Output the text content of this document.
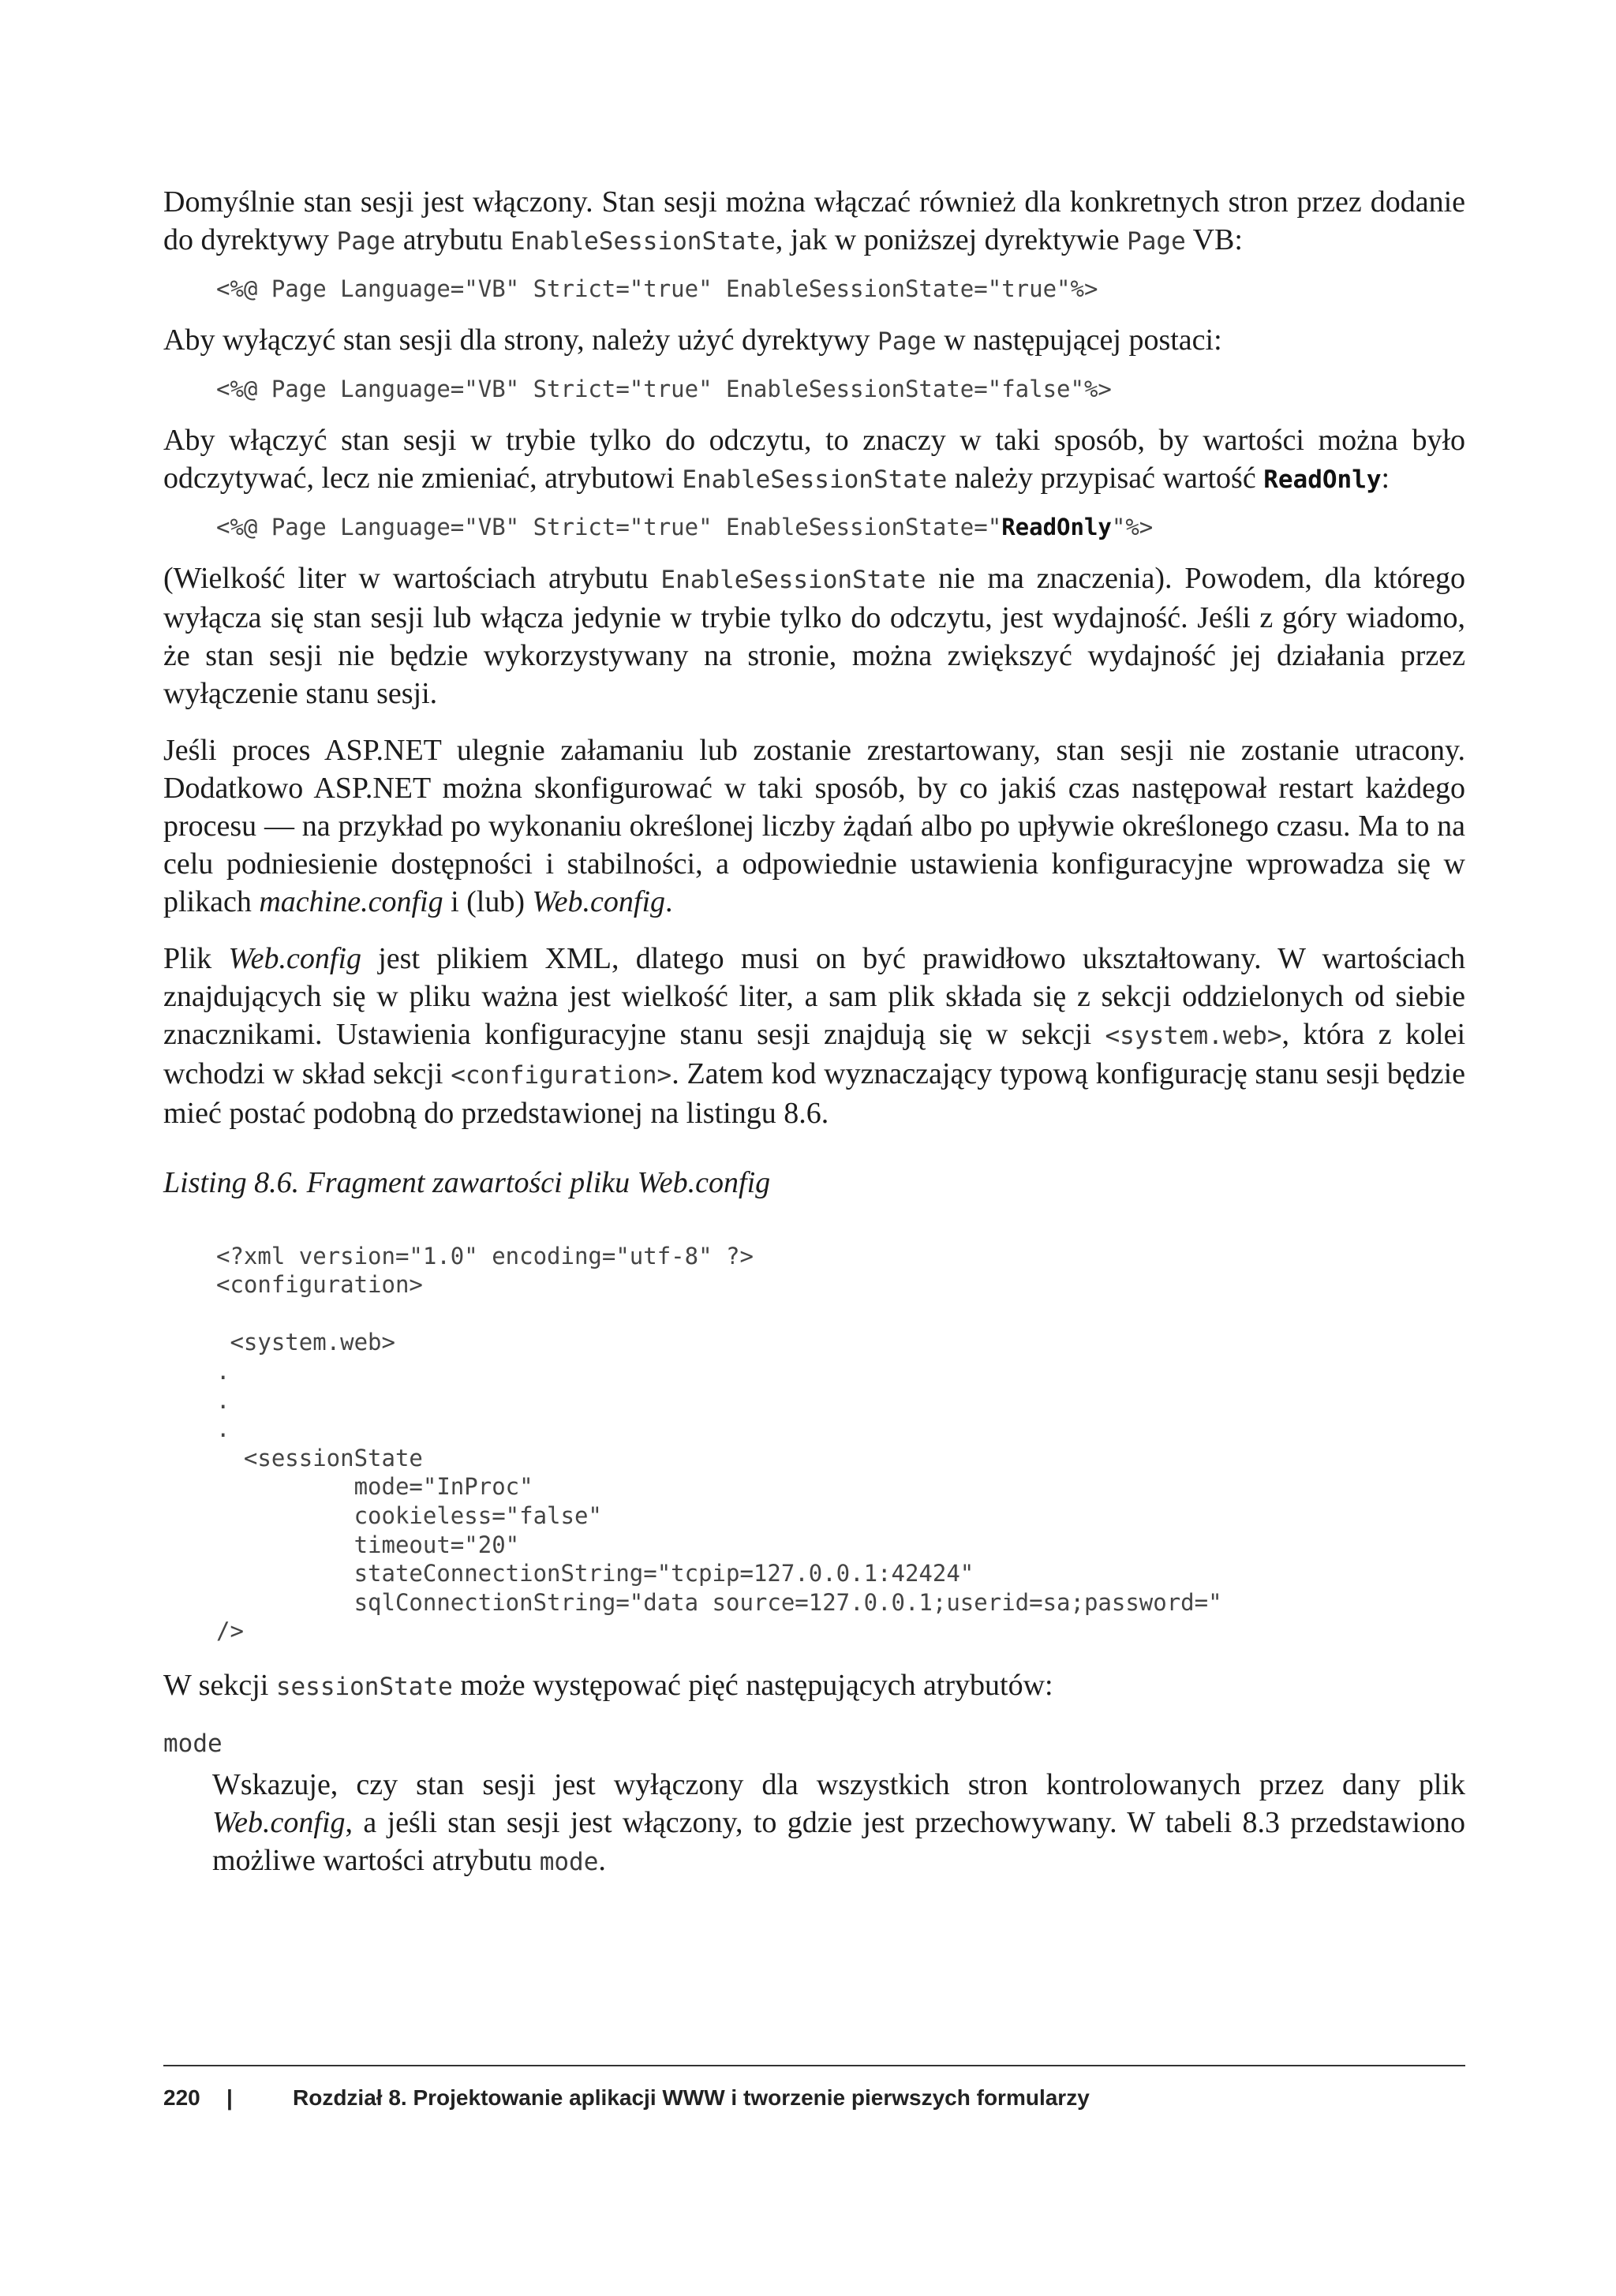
Domyślnie stan sesji jest włączony. Stan sesji można włączać również dla konkretnych stron przez dodanie do dyrektywy Page atrybutu EnableSessionState, jak w poniższej dyrektywie Page VB:

<%@ Page Language="VB" Strict="true" EnableSessionState="true"%>

Aby wyłączyć stan sesji dla strony, należy użyć dyrektywy Page w następującej postaci:

<%@ Page Language="VB" Strict="true" EnableSessionState="false"%>

Aby włączyć stan sesji w trybie tylko do odczytu, to znaczy w taki sposób, by wartości można było odczytywać, lecz nie zmieniać, atrybutowi EnableSessionState należy przypisać wartość ReadOnly:

<%@ Page Language="VB" Strict="true" EnableSessionState="ReadOnly"%>

(Wielkość liter w wartościach atrybutu EnableSessionState nie ma znaczenia). Powodem, dla którego wyłącza się stan sesji lub włącza jedynie w trybie tylko do odczytu, jest wydajność. Jeśli z góry wiadomo, że stan sesji nie będzie wykorzystywany na stronie, można zwiększyć wydajność jej działania przez wyłączenie stanu sesji.

Jeśli proces ASP.NET ulegnie załamaniu lub zostanie zrestartowany, stan sesji nie zostanie utracony. Dodatkowo ASP.NET można skonfigurować w taki sposób, by co jakiś czas następował restart każdego procesu — na przykład po wykonaniu określonej liczby żądań albo po upływie określonego czasu. Ma to na celu podniesienie dostępności i stabilności, a odpowiednie ustawienia konfiguracyjne wprowadza się w plikach machine.config i (lub) Web.config.

Plik Web.config jest plikiem XML, dlatego musi on być prawidłowo ukształtowany. W wartościach znajdujących się w pliku ważna jest wielkość liter, a sam plik składa się z sekcji oddzielonych od siebie znacznikami. Ustawienia konfiguracyjne stanu sesji znajdują się w sekcji <system.web>, która z kolei wchodzi w skład sekcji <configuration>. Zatem kod wyznaczający typową konfigurację stanu sesji będzie mieć postać podobną do przedstawionej na listingu 8.6.

Listing 8.6. Fragment zawartości pliku Web.config

<?xml version="1.0" encoding="utf-8" ?>
<configuration>
<system.web>
.
.
.
<sessionState
mode="InProc"
cookieless="false"
timeout="20"
stateConnectionString="tcpip=127.0.0.1:42424"
sqlConnectionString="data source=127.0.0.1;userid=sa;password="
/>

W sekcji sessionState może występować pięć następujących atrybutów:

mode

Wskazuje, czy stan sesji jest wyłączony dla wszystkich stron kontrolowanych przez dany plik Web.config, a jeśli stan sesji jest włączony, to gdzie jest przechowywany. W tabeli 8.3 przedstawiono możliwe wartości atrybutu mode.

220 |	Rozdział 8. Projektowanie aplikacji WWW i tworzenie pierwszych formularzy
